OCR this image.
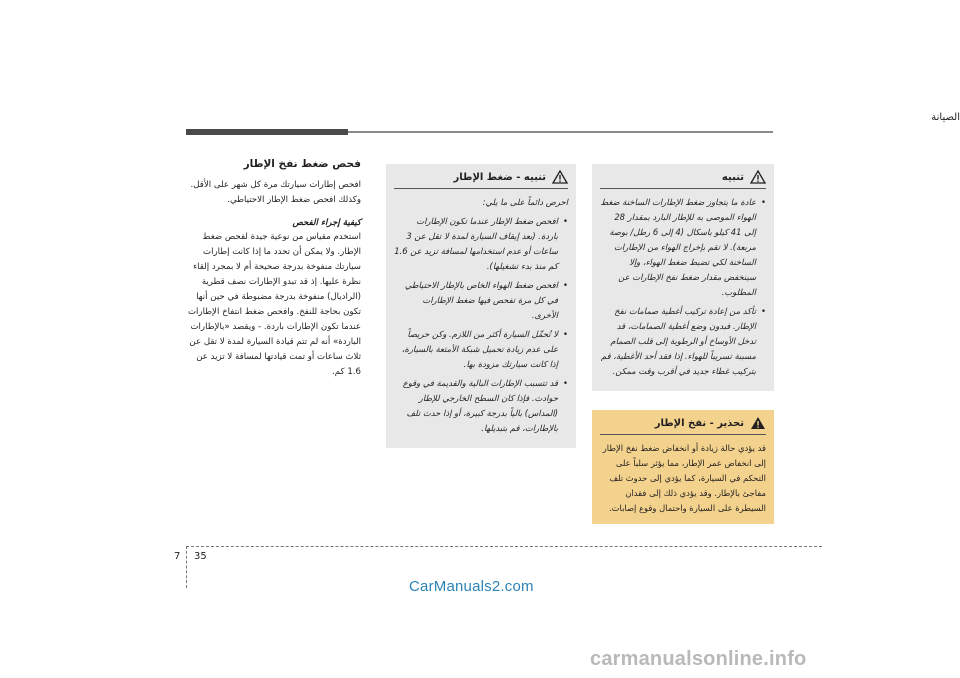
الصيانة
فحص ضغط نفخ الإطار
افحص إطارات سيارتك مرة كل شهر على الأقل. وكذلك افحص ضغط الإطار الاحتياطي.
كيفية إجراء الفحص
استخدم مقياس من نوعية جيدة لفحص ضغط الإطار. ولا يمكن أن تحدد ما إذا كانت إطارات سيارتك منفوخة بدرجة صحيحة أم لا بمجرد إلقاء نظرة عليها. إذ قد تبدو الإطارات نصف قطرية (الراديال) منفوخة بدرجة مضبوطة في حين أنها تكون بحاجة للنفخ. وافحص ضغط انتفاخ الإطارات عندما تكون الإطارات باردة. - ويقصد «بالإطارات الباردة» أنه لم تتم قيادة السيارة لمدة لا تقل عن ثلاث ساعات أو تمت قيادتها لمسافة لا تزيد عن 1.6 كم.
تنبيه - ضغط الإطار
احرص دائماً على ما يلي:
• افحص ضغط الإطار عندما تكون الإطارات باردة. (بعد إيقاف السيارة لمدة لا تقل عن 3 ساعات أو عدم استخدامها لمسافة تزيد عن 1.6 كم منذ بدء تشغيلها).
• افحص ضغط الهواء الخاص بالإطار الاحتياطي في كل مرة تفحص فيها ضغط الإطارات الأخرى.
• لا تُحمِّل السيارة أكثر من اللازم. وكن حريصاً على عدم زيادة تحميل شبكة الأمتعة بالسيارة، إذا كانت سيارتك مزودة بها.
• قد تتسبب الإطارات البالية والقديمة في وقوع حوادث. فإذا كان السطح الخارجي للإطار (المداس) بالياً بدرجة كبيرة، أو إذا حدث تلف بالإطارات، قم بتبديلها.
تنبيه
• عادة ما يتجاوز ضغط الإطارات الساخنة ضغط الهواء الموصى به للإطار البارد بمقدار 28 إلى 41 كيلو باسكال (4 إلى 6 رطل/ بوصة مربعة). لا تقم بإخراج الهواء من الإطارات الساخنة لكي تضبط ضغط الهواء، وإلا سينخفض مقدار ضغط نفخ الإطارات عن المطلوب.
• تأكد من إعادة تركيب أغطية صمامات نفخ الإطار. فبدون وضع أغطية الصمامات، قد تدخل الأوساخ أو الرطوبة إلى قلب الصمام مسببة تسريباً للهواء. إذا فقد أحد الأغطية، قم بتركيب غطاء جديد في أقرب وقت ممكن.
تحذير - نفخ الإطار
قد يؤدي حالة زيادة أو انخفاض ضغط نفخ الإطار إلى انخفاض عمر الإطار، مما يؤثر سلباً على التحكم في السيارة، كما يؤدي إلى حدوث تلف مفاجئ بالإطار. وقد يؤدي ذلك إلى فقدان السيطرة على السيارة واحتمال وقوع إصابات.
7 35
CarManuals2.com
carmanualsonline.info
